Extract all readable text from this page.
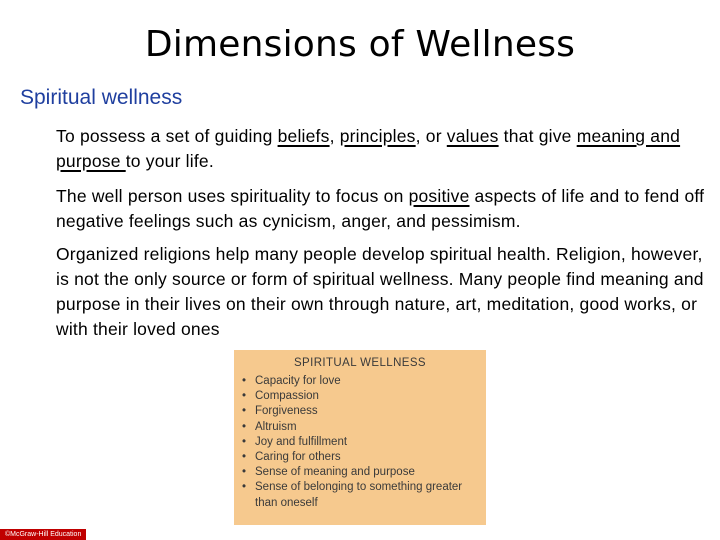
Dimensions of Wellness
Spiritual wellness
To possess a set of guiding beliefs, principles, or values that give meaning and purpose to your life.
The well person uses spirituality to focus on positive aspects of life and to fend off negative feelings such as cynicism, anger, and pessimism.
Organized religions help many people develop spiritual health. Religion, however, is not the only source or form of spiritual wellness. Many people find meaning and purpose in their lives on their own through nature, art, meditation, good works, or with their loved ones
SPIRITUAL WELLNESS
• Capacity for love
• Compassion
• Forgiveness
• Altruism
• Joy and fulfillment
• Caring for others
• Sense of meaning and purpose
• Sense of belonging to something greater than oneself
©McGraw-Hill Education
